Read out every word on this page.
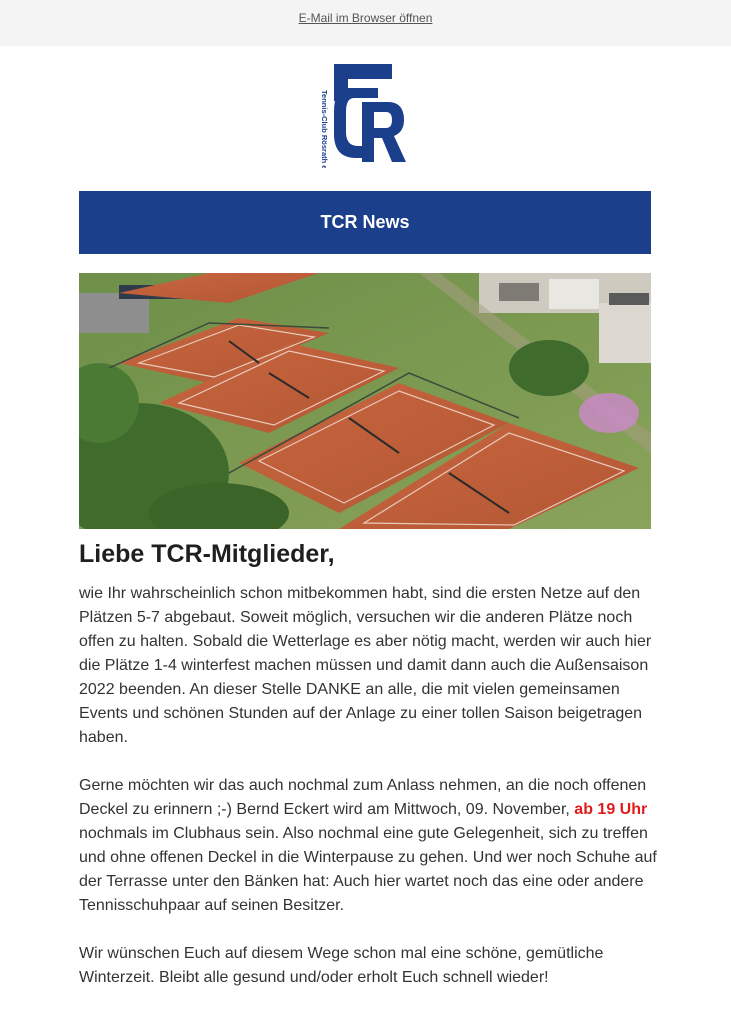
E-Mail im Browser öffnen
Tennis-Club Rösrath e.V.
TCR News
Liebe TCR-Mitglieder,

wie Ihr wahrscheinlich schon mitbekommen habt, sind die ersten Netze auf den Plätzen 5-7 abgebaut. Soweit möglich, versuchen wir die anderen Plätze noch offen zu halten. Sobald die Wetterlage es aber nötig macht, werden wir auch hier die Plätze 1-4 winterfest machen müssen und damit dann auch die Außensaison 2022 beenden. An dieser Stelle DANKE an alle, die mit vielen gemeinsamen Events und schönen Stunden auf der Anlage zu einer tollen Saison beigetragen haben.

Gerne möchten wir das auch nochmal zum Anlass nehmen, an die noch offenen Deckel zu erinnern ;-) Bernd Eckert wird am Mittwoch, 09. November, ab 19 Uhr nochmals im Clubhaus sein. Also nochmal eine gute Gelegenheit, sich zu treffen und ohne offenen Deckel in die Winterpause zu gehen. Und wer noch Schuhe auf der Terrasse unter den Bänken hat: Auch hier wartet noch das eine oder andere Tennisschuhpaar auf seinen Besitzer.

Wir wünschen Euch auf diesem Wege schon mal eine schöne, gemütliche Winterzeit. Bleibt alle gesund und/oder erholt Euch schnell wieder!
